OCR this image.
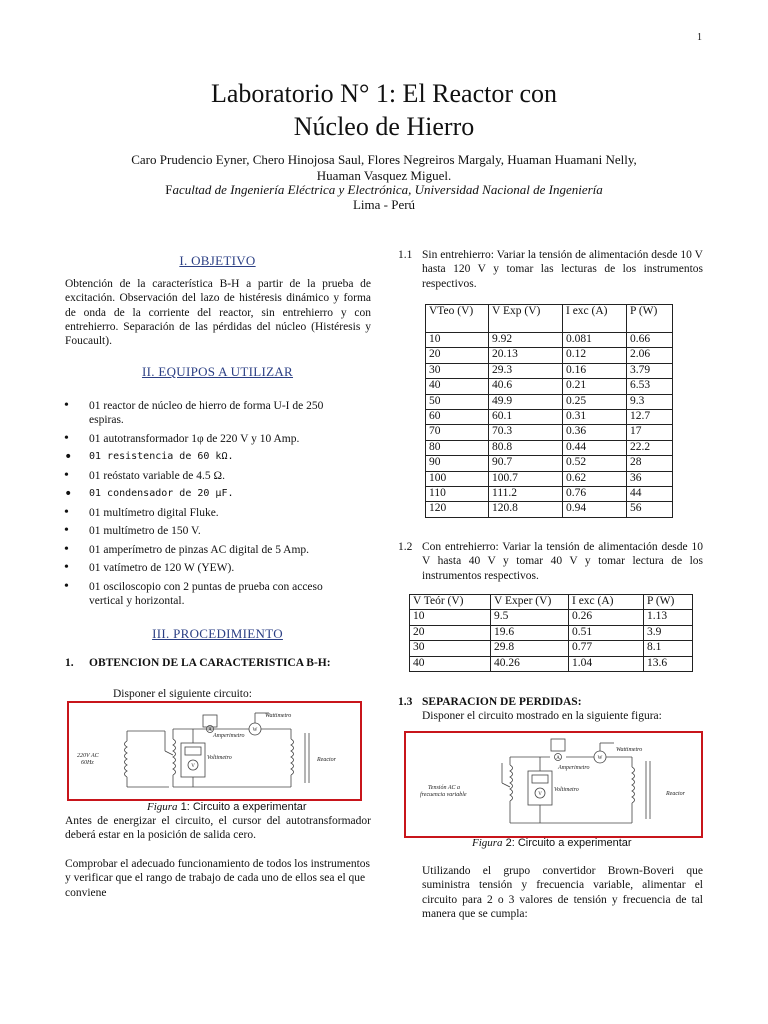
1
Laboratorio N° 1: El Reactor con
Núcleo de Hierro
Caro Prudencio Eyner, Chero Hinojosa Saul, Flores Negreiros Margaly, Huaman Huamani Nelly,
Huaman Vasquez Miguel.
Facultad de Ingeniería Eléctrica y Electrónica, Universidad Nacional de Ingeniería
Lima - Perú
I. OBJETIVO
Obtención de la característica B-H a partir de la prueba de excitación. Observación del lazo de histéresis dinámico y forma de onda de la corriente del reactor, sin entrehierro y con entrehierro. Separación de las pérdidas del núcleo (Histéresis y Foucault).
II. EQUIPOS A UTILIZAR
• 01 reactor de núcleo de hierro de forma U-I de 250 espiras.
• 01 autotransformador 1φ de 220 V y 10 Amp.
• 01 resistencia de 60 kΩ.
• 01 reóstato variable de 4.5 Ω.
• 01 condensador de 20 μF.
• 01 multímetro digital Fluke.
• 01 multímetro de 150 V.
• 01 amperímetro de pinzas AC digital de 5 Amp.
• 01 vatímetro de 120 W (YEW).
• 01 osciloscopio con 2 puntas de prueba con acceso vertical y horizontal.
III. PROCEDIMIENTO
1. OBTENCION DE LA CARACTERISTICA B-H:
Disponer el siguiente circuito:
Wattimetro
Amperimetro
Voltimetro
220V AC
60Hz	Reactor
A	W
V
Figura 1: Circuito a experimentar
Antes de energizar el circuito, el cursor del autotransformador deberá estar en la posición de salida cero.
Comprobar el adecuado funcionamiento de todos los instrumentos y verificar que el rango de trabajo de cada uno de ellos sea el que conviene
1.1 Sin entrehierro: Variar la tensión de alimentación desde 10 V hasta 120 V y tomar las lecturas de los instrumentos respectivos.
VTeo (V)	V Exp (V)	I exc (A)	P (W)
10	9.92	0.081	0.66
20	20.13	0.12	2.06
30	29.3	0.16	3.79
40	40.6	0.21	6.53
50	49.9	0.25	9.3
60	60.1	0.31	12.7
70	70.3	0.36	17
80	80.8	0.44	22.2
90	90.7	0.52	28
100	100.7	0.62	36
110	111.2	0.76	44
120	120.8	0.94	56
1.2 Con entrehierro: Variar la tensión de alimentación desde 10 V hasta 40 V y tomar 40 V y tomar lectura de los instrumentos respectivos.
V Teór (V)	V Exper (V)	I exc (A)	P (W)
10	9.5	0.26	1.13
20	19.6	0.51	3.9
30	29.8	0.77	8.1
40	40.26	1.04	13.6
1.3 SEPARACION DE PERDIDAS:
Disponer el circuito mostrado en la siguiente figura:
Wattimetro
Amperimetro
Voltimetro
Tensión AC a
frecuencia variable	Reactor
A	W
V
Figura 2: Circuito a experimentar
Utilizando el grupo convertidor Brown-Boveri que suministra tensión y frecuencia variable, alimentar el circuito para 2 o 3 valores de tensión y frecuencia de tal manera que se cumpla:
